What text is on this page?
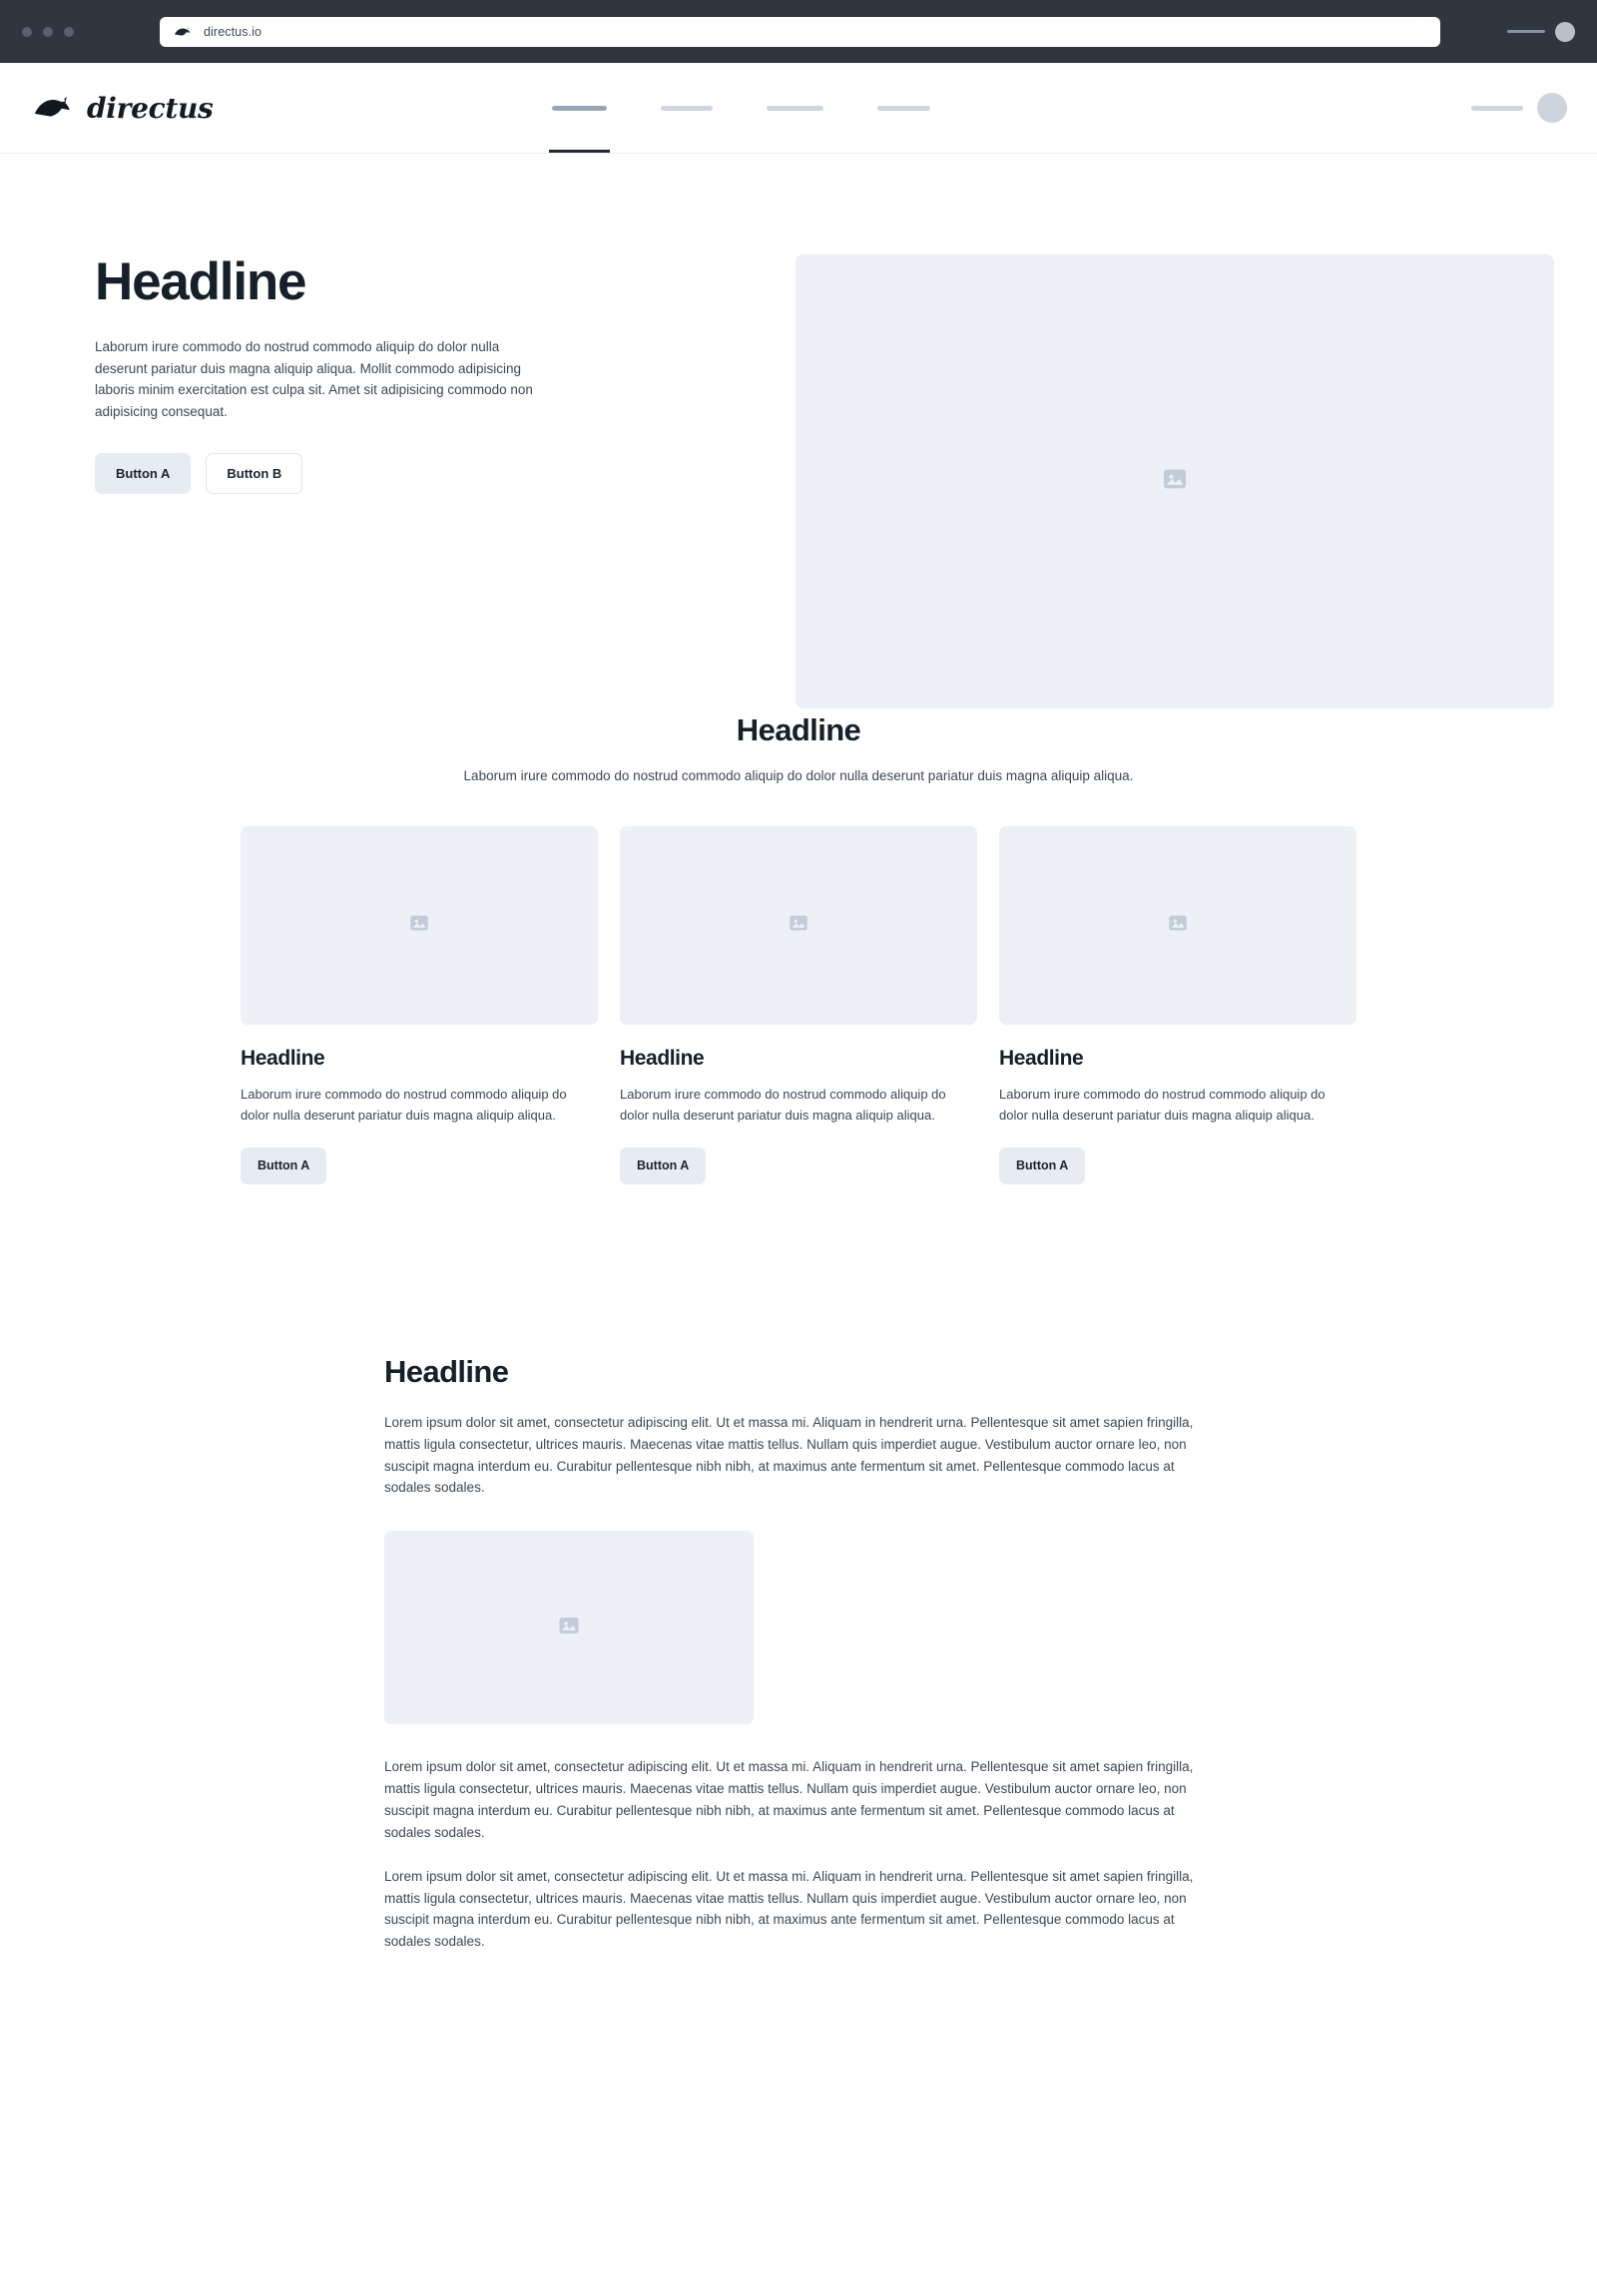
directus.io
directus
Headline

Laborum irure commodo do nostrud commodo aliquip do dolor nulla deserunt pariatur duis magna aliquip aliqua. Mollit commodo adipisicing laboris minim exercitation est culpa sit. Amet sit adipisicing commodo non adipisicing consequat.

Button A	Button B
Headline

Laborum irure commodo do nostrud commodo aliquip do dolor nulla deserunt pariatur duis magna aliquip aliqua.

Headline

Laborum irure commodo do nostrud commodo aliquip do dolor nulla deserunt pariatur duis magna aliquip aliqua.

Button A
Headline

Laborum irure commodo do nostrud commodo aliquip do dolor nulla deserunt pariatur duis magna aliquip aliqua.

Button A
Headline

Laborum irure commodo do nostrud commodo aliquip do dolor nulla deserunt pariatur duis magna aliquip aliqua.

Button A
Headline

Lorem ipsum dolor sit amet, consectetur adipiscing elit. Ut et massa mi. Aliquam in hendrerit urna. Pellentesque sit amet sapien fringilla, mattis ligula consectetur, ultrices mauris. Maecenas vitae mattis tellus. Nullam quis imperdiet augue. Vestibulum auctor ornare leo, non suscipit magna interdum eu. Curabitur pellentesque nibh nibh, at maximus ante fermentum sit amet. Pellentesque commodo lacus at sodales sodales.

Lorem ipsum dolor sit amet, consectetur adipiscing elit. Ut et massa mi. Aliquam in hendrerit urna. Pellentesque sit amet sapien fringilla, mattis ligula consectetur, ultrices mauris. Maecenas vitae mattis tellus. Nullam quis imperdiet augue. Vestibulum auctor ornare leo, non suscipit magna interdum eu. Curabitur pellentesque nibh nibh, at maximus ante fermentum sit amet. Pellentesque commodo lacus at sodales sodales.

Lorem ipsum dolor sit amet, consectetur adipiscing elit. Ut et massa mi. Aliquam in hendrerit urna. Pellentesque sit amet sapien fringilla, mattis ligula consectetur, ultrices mauris. Maecenas vitae mattis tellus. Nullam quis imperdiet augue. Vestibulum auctor ornare leo, non suscipit magna interdum eu. Curabitur pellentesque nibh nibh, at maximus ante fermentum sit amet. Pellentesque commodo lacus at sodales sodales.
